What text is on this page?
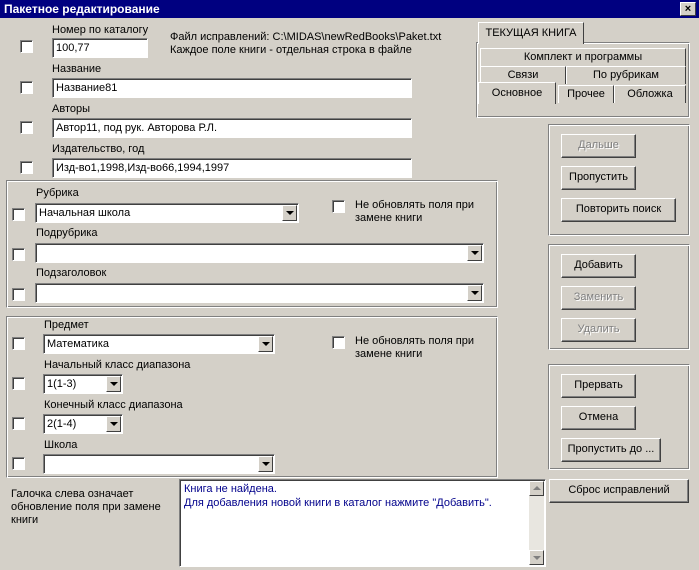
Пакетное редактирование	×
Номер по каталогу
100,77
Файл исправлений: C:\MIDAS\newRedBooks\Paket.txt
Каждое поле книги - отдельная строка в файле
Название
Название81
Авторы
Автор11, под рук. Авторова Р.Л.
Издательство, год
Изд-во1,1998,Изд-во66,1994,1997
ТЕКУЩАЯ КНИГА
Комплект и программы
Связи	По рубрикам
Основное	Прочее	Обложка
Рубрика
Начальная школа
Не обновлять поля при
замене книги
Подрубрика
Подзаголовок
Предмет
Математика	Не обновлять поля при
замене книги
Начальный класс диапазона
1(1-3)
Конечный класс диапазона
2(1-4)
Школа
Дальше
Пропустить
Повторить поиск
Добавить
Заменить
Удалить
Прервать
Отмена
Пропустить до ...
Сброс исправлений
Галочка слева означает
обновление поля при замене
книги
Книга не найдена.
Для добавления новой книги в каталог нажмите "Добавить".
